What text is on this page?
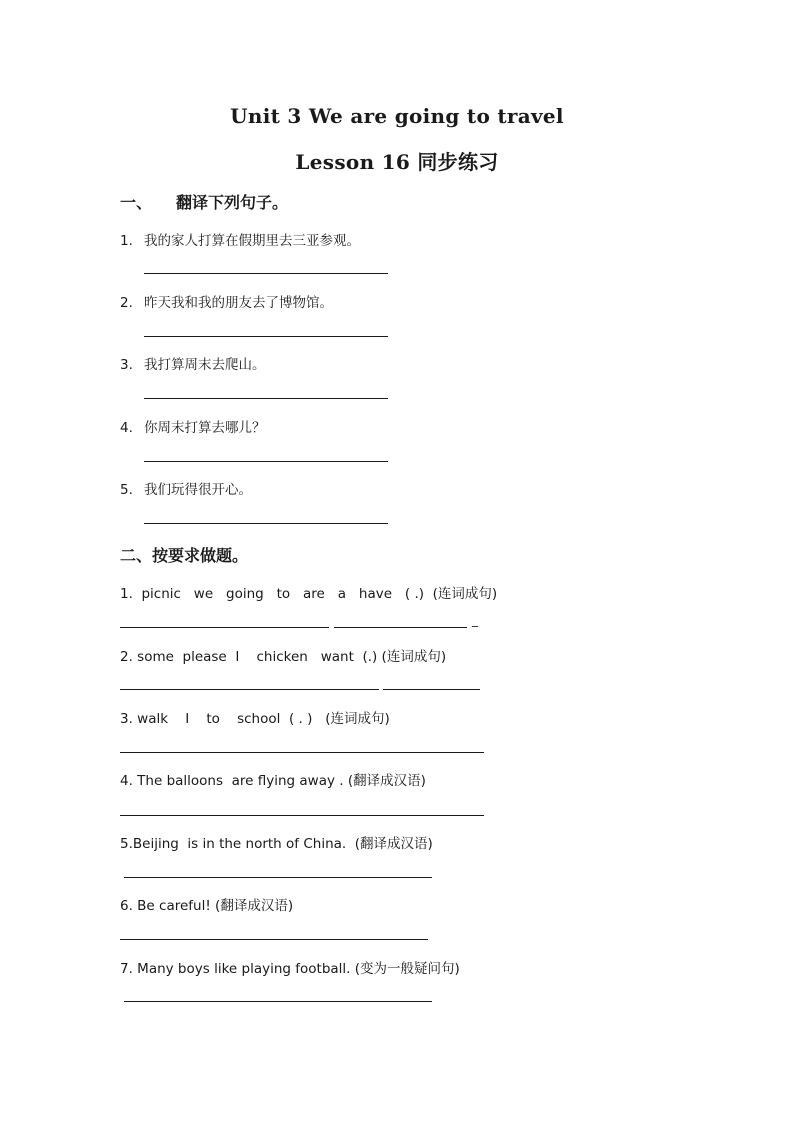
Unit 3 We are going to travel
Lesson 16 同步练习
一、 翻译下列句子。
1. 我的家人打算在假期里去三亚参观。
2. 昨天我和我的朋友去了博物馆。
3. 我打算周末去爬山。
4. 你周末打算去哪儿？
5. 我们玩得很开心。
二、按要求做题。
1.  picnic   we   going   to   are   a   have   ( .)  (连词成句)
_
2. some  please  I    chicken   want  (.) (连词成句)
3. walk    I    to    school  ( . )   (连词成句)
4. The balloons  are flying away . (翻译成汉语)
5.Beijing  is in the north of China.  (翻译成汉语)
6. Be careful! (翻译成汉语)
7. Many boys like playing football. (变为一般疑问句)
